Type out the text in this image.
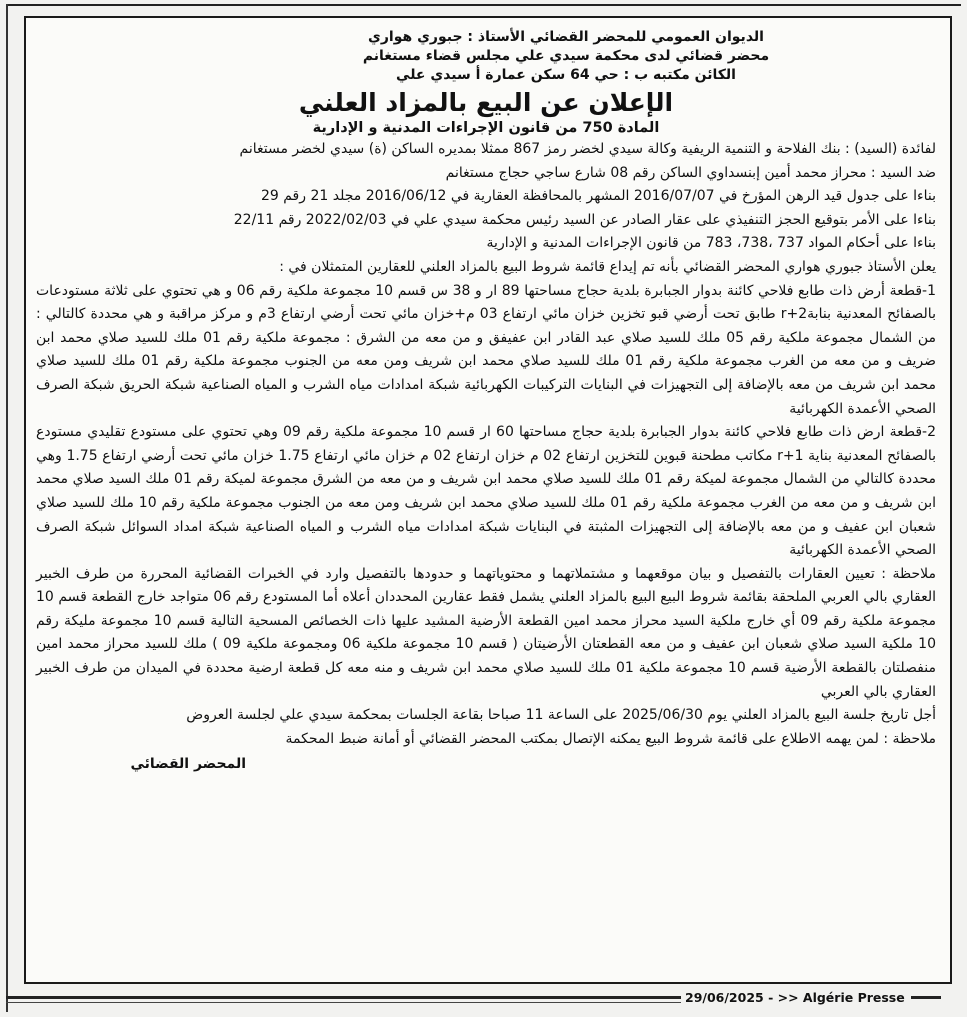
الديوان العمومي للمحضر القضائي الأستاذ : جبوري هواري
محضر قضائي لدى محكمة سيدي علي مجلس قضاء مستغانم
الكائن مكتبه ب : حي 64 سكن عمارة أ سيدي علي
الإعلان عن البيع بالمزاد العلني
المادة 750 من قانون الإجراءات المدنية و الإدارية

لفائدة (السيد) : بنك الفلاحة و التنمية الريفية وكالة سيدي لخضر رمز 867 ممثلا بمديره الساكن (ة) سيدي لخضر مستغانم

ضد السيد : محراز محمد أمين إبنسداوي الساكن رقم 08 شارع ساجي حجاج مستغانم

بناءا على جدول قيد الرهن المؤرخ في 2016/07/07 المشهر بالمحافظة العقارية في 2016/06/12 مجلد 21 رقم 29

بناءا على الأمر بتوقيع الحجز التنفيذي على عقار الصادر عن السيد رئيس محكمة سيدي علي في 2022/02/03 رقم 22/11

بناءا على أحكام المواد 737 ،738، 783 من قانون الإجراءات المدنية و الإدارية

يعلن الأستاذ جبوري هواري المحضر القضائي بأنه تم إيداع قائمة شروط البيع بالمزاد العلني للعقارين المتمثلان في :

1-قطعة أرض ذات طابع فلاحي كائنة بدوار الجبابرة بلدية حجاج مساحتها 89 ار و 38 س قسم 10 مجموعة ملكية رقم 06 و هي تحتوي على ثلاثة مستودعات بالصفائح المعدنية بنابة2+r طابق تحت أرضي قبو تخزين خزان مائي ارتفاع 03 م+خزان مائي تحت أرضي ارتفاع 3م و مركز مراقبة و هي محددة كالتالي : من الشمال مجموعة ملكية رقم 05 ملك للسيد صلاي عبد القادر ابن عفيفق و من معه من الشرق : مجموعة ملكية رقم 01 ملك للسيد صلاي محمد ابن ضريف و من معه من الغرب مجموعة ملكية رقم 01 ملك للسيد صلاي محمد ابن شريف ومن معه من الجنوب مجموعة ملكية رقم 01 ملك للسيد صلاي محمد ابن شريف من معه بالإضافة إلى التجهيزات في البنايات التركيبات الكهربائية شبكة امدادات مياه الشرب و المياه الصناعية شبكة الحريق شبكة الصرف الصحي الأعمدة الكهربائية

2-قطعة ارض ذات طابع فلاحي كائنة بدوار الجبابرة بلدية حجاج مساحتها 60 ار قسم 10 مجموعة ملكية رقم 09 وهي تحتوي على مستودع تقليدي مستودع بالصفائح المعدنية بناية 1+r مكاتب مطحنة قبوين للتخزين ارتفاع 02 م خزان ارتفاع 02 م خزان مائي ارتفاع 1.75 خزان مائي تحت أرضي ارتفاع 1.75 وهي محددة كالتالي من الشمال مجموعة لميكة رقم 01 ملك للسيد صلاي محمد ابن شريف و من معه من الشرق مجموعة لميكة رقم 01 ملك السيد صلاي محمد ابن شريف و من معه من الغرب مجموعة ملكية رقم 01 ملك للسيد صلاي محمد ابن شريف ومن معه من الجنوب مجموعة ملكية رقم 10 ملك للسيد صلاي شعبان ابن عفيف و من معه بالإضافة إلى التجهيزات المثبتة في البنايات شبكة امدادات مياه الشرب و المياه الصناعية شبكة امداد السوائل شبكة الصرف الصحي الأعمدة الكهربائية

ملاحظة : تعيين العقارات بالتفصيل و بيان موقعهما و مشتملاتهما و محتوياتهما و حدودها بالتفصيل وارد في الخبرات القضائية المحررة من طرف الخبير العقاري بالي العربي الملحقة بقائمة شروط البيع البيع بالمزاد العلني يشمل فقط عقارين المحددان أعلاه أما المستودع رقم 06 متواجد خارج القطعة قسم 10 مجموعة ملكية رقم 09 أي خارج ملكية السيد محراز محمد امين القطعة الأرضية المشيد عليها ذات الخصائص المسحية التالية قسم 10 مجموعة مليكة رقم 10 ملكية السيد صلاي شعبان ابن عفيف و من معه القطعتان الأرضيتان ( قسم 10 مجموعة ملكية 06 ومجموعة ملكية 09 ) ملك للسيد محراز محمد امين منفصلتان بالقطعة الأرضية قسم 10 مجموعة ملكية 01 ملك للسيد صلاي محمد ابن شريف و منه معه كل قطعة ارضية محددة في الميدان من طرف الخبير العقاري بالي العربي

أجل تاريخ جلسة البيع بالمزاد العلني يوم 2025/06/30 على الساعة 11 صباحا بقاعة الجلسات بمحكمة سيدي علي لجلسة العروض

ملاحظة : لمن يهمه الاطلاع على قائمة شروط البيع يمكنه الإتصال بمكتب المحضر القضائي أو أمانة ضبط المحكمة

المحضر القضائي
29/06/2025 - >> Algérie Presse
